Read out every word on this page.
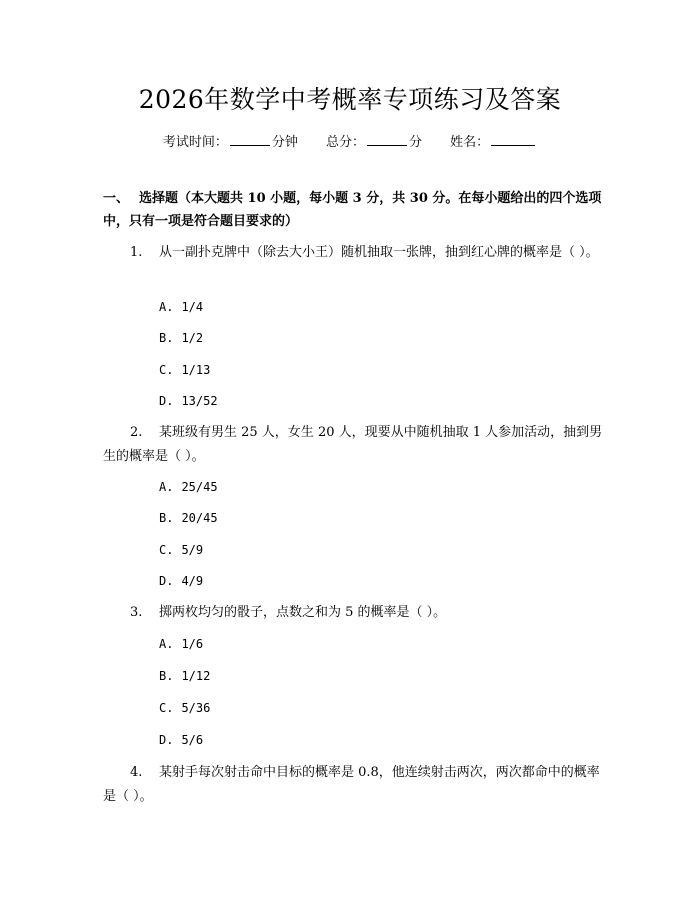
2026年数学中考概率专项练习及答案
考试时间：	分钟 总分：	分 姓名：
一、 选择题（本大题共 10 小题，每小题 3 分，共 30 分。在每小题给出的四个选项中，只有一项是符合题目要求的）
1. 从一副扑克牌中（除去大小王）随机抽取一张牌，抽到红心牌的概率是（ ）。
A. 1/4
B. 1/2
C. 1/13
D. 13/52
2. 某班级有男生 25 人，女生 20 人，现要从中随机抽取 1 人参加活动，抽到男生的概率是（ ）。
A. 25/45
B. 20/45
C. 5/9
D. 4/9
3. 掷两枚均匀的骰子，点数之和为 5 的概率是（ ）。
A. 1/6
B. 1/12
C. 5/36
D. 5/6
4. 某射手每次射击命中目标的概率是 0.8，他连续射击两次，两次都命中的概率是（ ）。
